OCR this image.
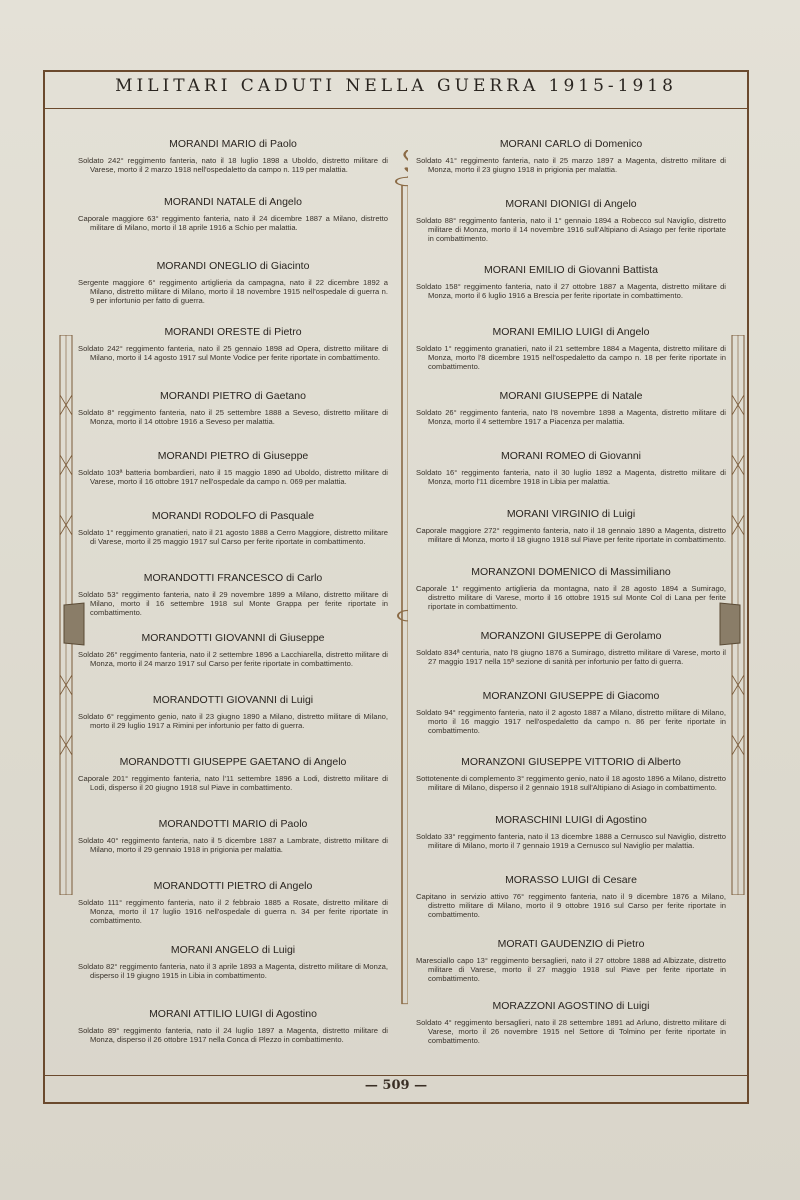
MILITARI CADUTI NELLA GUERRA 1915-1918
— 509 —
MORANDI MARIO di Paolo
Soldato 242° reggimento fanteria, nato il 18 luglio 1898 a Uboldo, distretto militare di Varese, morto il 2 marzo 1918 nell'ospedaletto da campo n. 119 per malattia.
MORANDI NATALE di Angelo
Caporale maggiore 63° reggimento fanteria, nato il 24 dicembre 1887 a Milano, distretto militare di Milano, morto il 18 aprile 1916 a Schio per malattia.
MORANDI ONEGLIO di Giacinto
Sergente maggiore 6° reggimento artiglieria da campagna, nato il 22 dicembre 1892 a Milano, distretto militare di Milano, morto il 18 novembre 1915 nell'ospedale di guerra n. 9 per infortunio per fatto di guerra.
MORANDI ORESTE di Pietro
Soldato 242° reggimento fanteria, nato il 25 gennaio 1898 ad Opera, distretto militare di Milano, morto il 14 agosto 1917 sul Monte Vodice per ferite riportate in combattimento.
MORANDI PIETRO di Gaetano
Soldato 8° reggimento fanteria, nato il 25 settembre 1888 a Seveso, distretto militare di Monza, morto il 14 ottobre 1916 a Seveso per malattia.
MORANDI PIETRO di Giuseppe
Soldato 103ª batteria bombardieri, nato il 15 maggio 1890 ad Uboldo, distretto militare di Varese, morto il 16 ottobre 1917 nell'ospedale da campo n. 069 per malattia.
MORANDI RODOLFO di Pasquale
Soldato 1° reggimento granatieri, nato il 21 agosto 1888 a Cerro Maggiore, distretto militare di Varese, morto il 25 maggio 1917 sul Carso per ferite riportate in combattimento.
MORANDOTTI FRANCESCO di Carlo
Soldato 53° reggimento fanteria, nato il 29 novembre 1899 a Milano, distretto militare di Milano, morto il 16 settembre 1918 sul Monte Grappa per ferite riportate in combattimento.
MORANDOTTI GIOVANNI di Giuseppe
Soldato 26° reggimento fanteria, nato il 2 settembre 1896 a Lacchiarella, distretto militare di Monza, morto il 24 marzo 1917 sul Carso per ferite riportate in combattimento.
MORANDOTTI GIOVANNI di Luigi
Soldato 6° reggimento genio, nato il 23 giugno 1890 a Milano, distretto militare di Milano, morto il 29 luglio 1917 a Rimini per infortunio per fatto di guerra.
MORANDOTTI GIUSEPPE GAETANO di Angelo
Caporale 201° reggimento fanteria, nato l'11 settembre 1896 a Lodi, distretto militare di Lodi, disperso il 20 giugno 1918 sul Piave in combattimento.
MORANDOTTI MARIO di Paolo
Soldato 40° reggimento fanteria, nato il 5 dicembre 1887 a Lambrate, distretto militare di Milano, morto il 29 gennaio 1918 in prigionia per malattia.
MORANDOTTI PIETRO di Angelo
Soldato 111° reggimento fanteria, nato il 2 febbraio 1885 a Rosate, distretto militare di Monza, morto il 17 luglio 1916 nell'ospedale di guerra n. 34 per ferite riportate in combattimento.
MORANI ANGELO di Luigi
Soldato 82° reggimento fanteria, nato il 3 aprile 1893 a Magenta, distretto militare di Monza, disperso il 19 giugno 1915 in Libia in combattimento.
MORANI ATTILIO LUIGI di Agostino
Soldato 89° reggimento fanteria, nato il 24 luglio 1897 a Magenta, distretto militare di Monza, disperso il 26 ottobre 1917 nella Conca di Plezzo in combattimento.
MORANI CARLO di Domenico
Soldato 41° reggimento fanteria, nato il 25 marzo 1897 a Magenta, distretto militare di Monza, morto il 23 giugno 1918 in prigionia per malattia.
MORANI DIONIGI di Angelo
Soldato 88° reggimento fanteria, nato il 1° gennaio 1894 a Robecco sul Naviglio, distretto militare di Monza, morto il 14 novembre 1916 sull'Altipiano di Asiago per ferite riportate in combattimento.
MORANI EMILIO di Giovanni Battista
Soldato 158° reggimento fanteria, nato il 27 ottobre 1887 a Magenta, distretto militare di Monza, morto il 6 luglio 1916 a Brescia per ferite riportate in combattimento.
MORANI EMILIO LUIGI di Angelo
Soldato 1° reggimento granatieri, nato il 21 settembre 1884 a Magenta, distretto militare di Monza, morto l'8 dicembre 1915 nell'ospedaletto da campo n. 18 per ferite riportate in combattimento.
MORANI GIUSEPPE di Natale
Soldato 26° reggimento fanteria, nato l'8 novembre 1898 a Magenta, distretto militare di Monza, morto il 4 settembre 1917 a Piacenza per malattia.
MORANI ROMEO di Giovanni
Soldato 16° reggimento fanteria, nato il 30 luglio 1892 a Magenta, distretto militare di Monza, morto l'11 dicembre 1918 in Libia per malattia.
MORANI VIRGINIO di Luigi
Caporale maggiore 272° reggimento fanteria, nato il 18 gennaio 1890 a Magenta, distretto militare di Monza, morto il 18 giugno 1918 sul Piave per ferite riportate in combattimento.
MORANZONI DOMENICO di Massimiliano
Caporale 1° reggimento artiglieria da montagna, nato il 28 agosto 1894 a Sumirago, distretto militare di Varese, morto il 16 ottobre 1915 sul Monte Col di Lana per ferite riportate in combattimento.
MORANZONI GIUSEPPE di Gerolamo
Soldato 834ª centuria, nato l'8 giugno 1876 a Sumirago, distretto militare di Varese, morto il 27 maggio 1917 nella 15ª sezione di sanità per infortunio per fatto di guerra.
MORANZONI GIUSEPPE di Giacomo
Soldato 94° reggimento fanteria, nato il 2 agosto 1887 a Milano, distretto militare di Milano, morto il 16 maggio 1917 nell'ospedaletto da campo n. 86 per ferite riportate in combattimento.
MORANZONI GIUSEPPE VITTORIO di Alberto
Sottotenente di complemento 3° reggimento genio, nato il 18 agosto 1896 a Milano, distretto militare di Milano, disperso il 2 gennaio 1918 sull'Altipiano di Asiago in combattimento.
MORASCHINI LUIGI di Agostino
Soldato 33° reggimento fanteria, nato il 13 dicembre 1888 a Cernusco sul Naviglio, distretto militare di Milano, morto il 7 gennaio 1919 a Cernusco sul Naviglio per malattia.
MORASSO LUIGI di Cesare
Capitano in servizio attivo 76° reggimento fanteria, nato il 9 dicembre 1876 a Milano, distretto militare di Milano, morto il 9 ottobre 1916 sul Carso per ferite riportate in combattimento.
MORATI GAUDENZIO di Pietro
Maresciallo capo 13° reggimento bersaglieri, nato il 27 ottobre 1888 ad Albizzate, distretto militare di Varese, morto il 27 maggio 1918 sul Piave per ferite riportate in combattimento.
MORAZZONI AGOSTINO di Luigi
Soldato 4° reggimento bersaglieri, nato il 28 settembre 1891 ad Arluno, distretto militare di Varese, morto il 26 novembre 1915 nel Settore di Tolmino per ferite riportate in combattimento.
